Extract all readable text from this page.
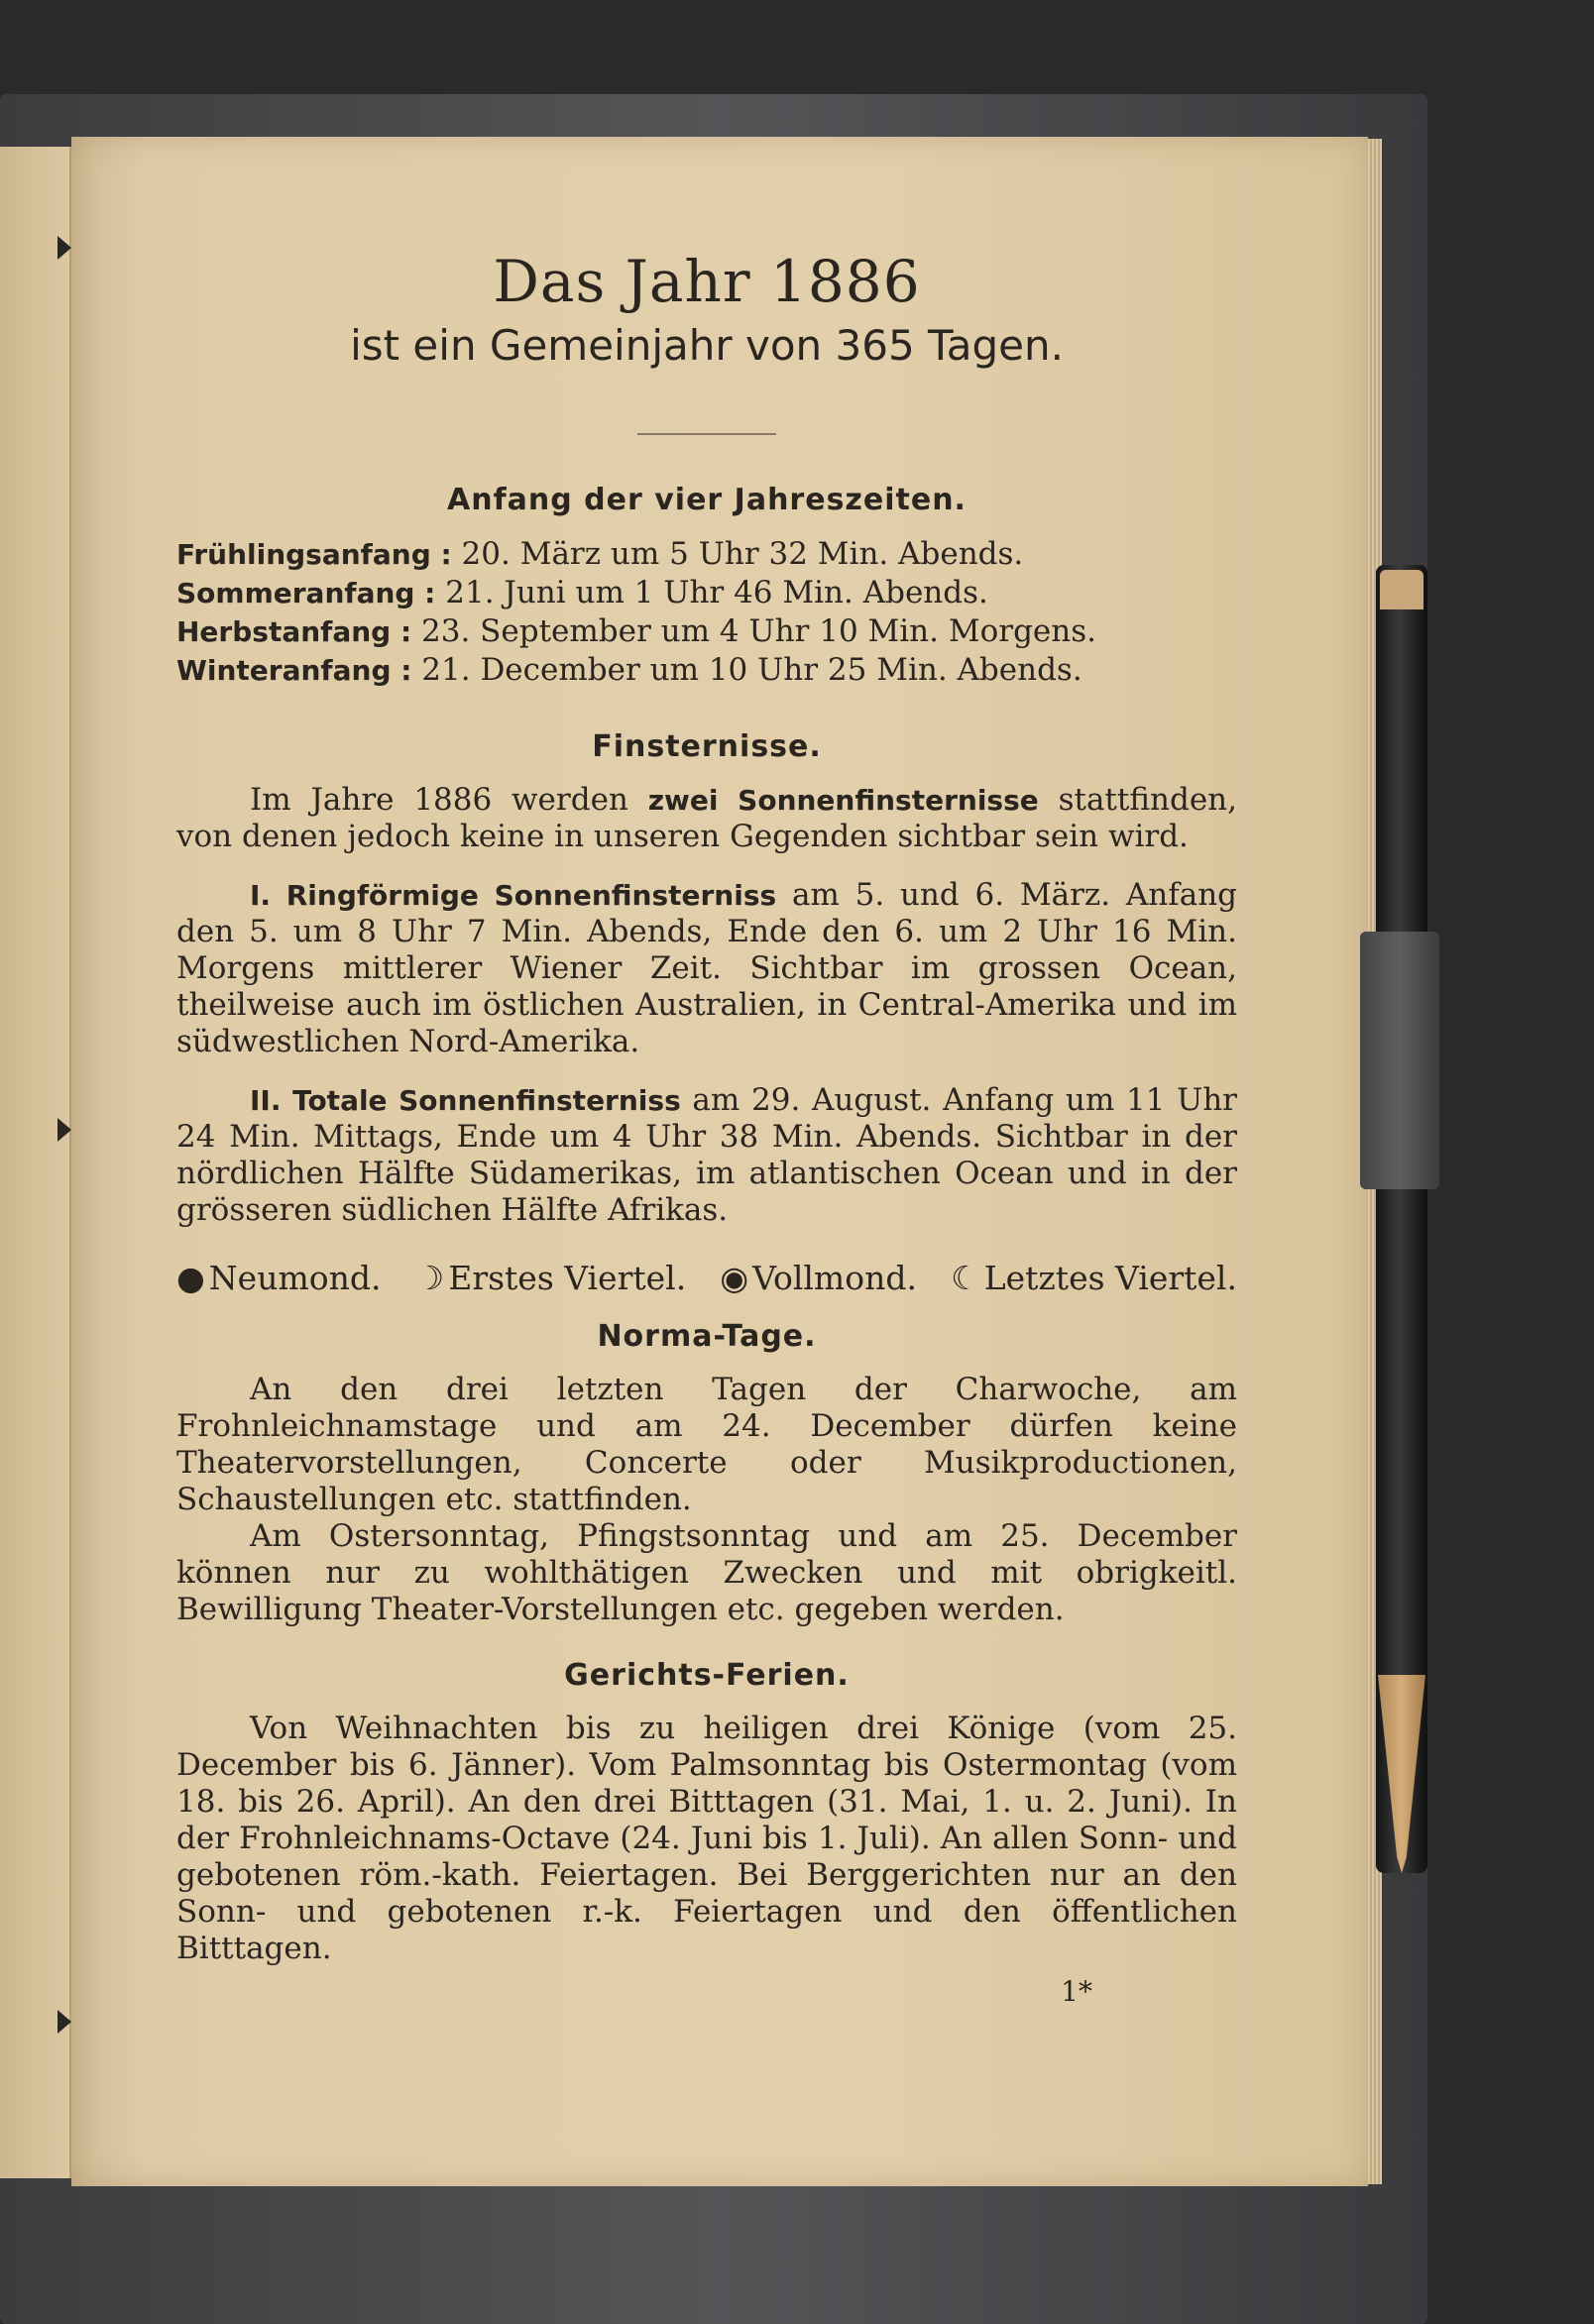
Das Jahr 1886

ist ein Gemeinjahr von 365 Tagen.

Anfang der vier Jahreszeiten.

Frühlingsanfang : 20. März um 5 Uhr 32 Min. Abends.
Sommeranfang : 21. Juni um 1 Uhr 46 Min. Abends.
Herbstanfang : 23. September um 4 Uhr 10 Min. Morgens.
Winteranfang : 21. December um 10 Uhr 25 Min. Abends.

Finsternisse.

Im Jahre 1886 werden zwei Sonnenfinsternisse stattfinden, von denen jedoch keine in unseren Gegenden sichtbar sein wird.

I. Ringförmige Sonnenfinsterniss am 5. und 6. März. Anfang den 5. um 8 Uhr 7 Min. Abends, Ende den 6. um 2 Uhr 16 Min. Morgens mittlerer Wiener Zeit. Sichtbar im grossen Ocean, theilweise auch im östlichen Australien, in Central-Amerika und im südwestlichen Nord-Amerika.

II. Totale Sonnenfinsterniss am 29. August. Anfang um 11 Uhr 24 Min. Mittags, Ende um 4 Uhr 38 Min. Abends. Sichtbar in der nördlichen Hälfte Südamerikas, im atlantischen Ocean und in der grösseren südlichen Hälfte Afrikas.

● Neumond. ☽ Erstes Viertel. ◉ Vollmond. ☾ Letztes Viertel.

Norma-Tage.

An den drei letzten Tagen der Charwoche, am Frohnleichnamstage und am 24. December dürfen keine Theatervorstellungen, Concerte oder Musikproductionen, Schaustellungen etc. stattfinden.

Am Ostersonntag, Pfingstsonntag und am 25. December können nur zu wohlthätigen Zwecken und mit obrigkeitl. Bewilligung Theater-Vorstellungen etc. gegeben werden.

Gerichts-Ferien.

Von Weihnachten bis zu heiligen drei Könige (vom 25. December bis 6. Jänner). Vom Palmsonntag bis Ostermontag (vom 18. bis 26. April). An den drei Bitttagen (31. Mai, 1. u. 2. Juni). In der Frohnleichnams-Octave (24. Juni bis 1. Juli). An allen Sonn- und gebotenen röm.-kath. Feiertagen. Bei Berggerichten nur an den Sonn- und gebotenen r.-k. Feiertagen und den öffentlichen Bitttagen.

1*
